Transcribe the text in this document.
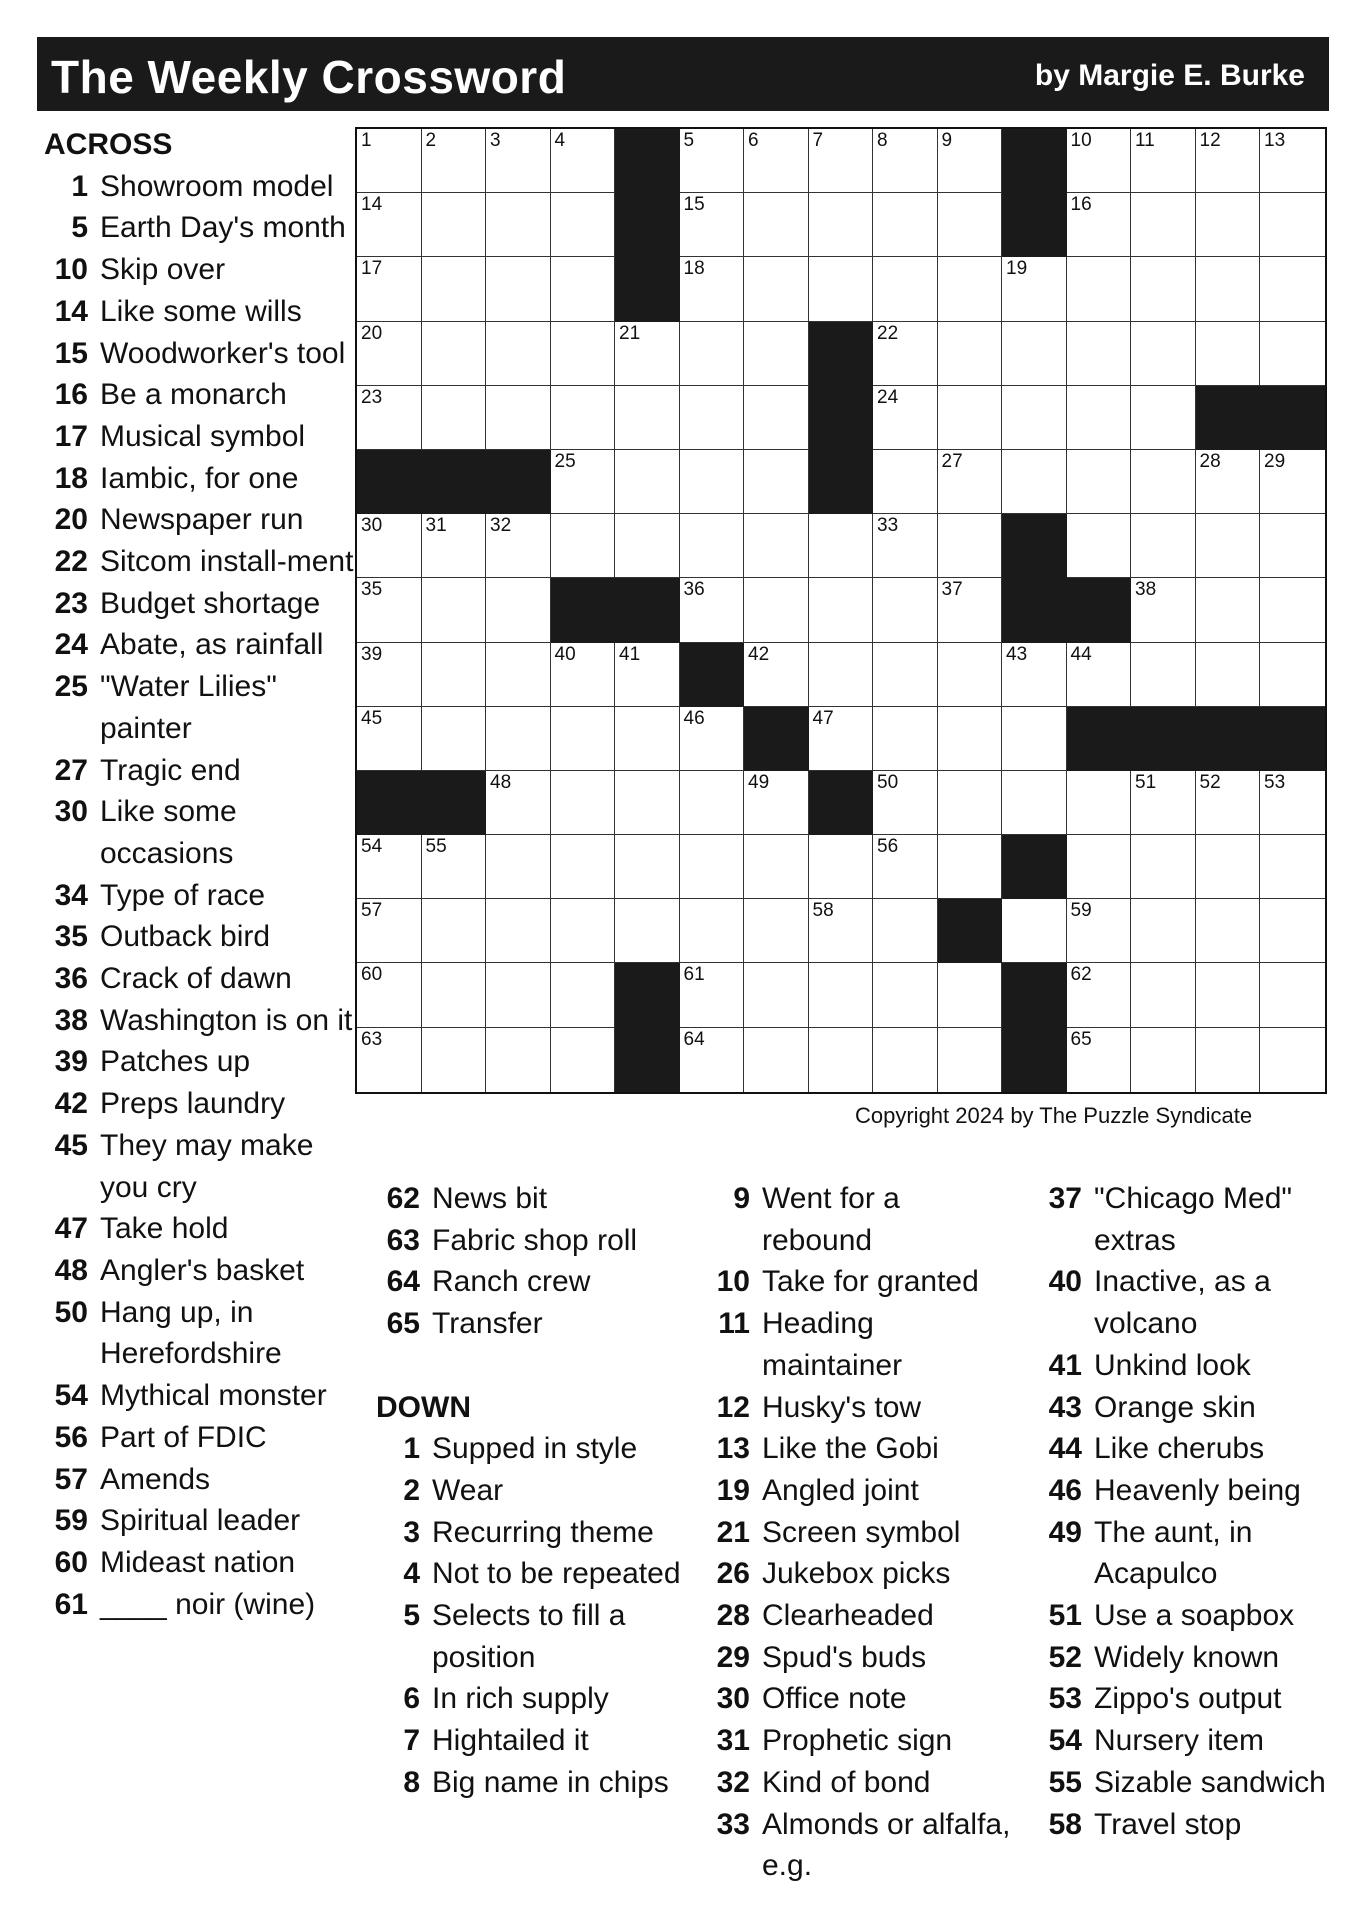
The Weekly Crossword	by Margie E. Burke
1	2	3	4	5	6	7	8	9	10 11 12 13
14	15	16
17	18	19
20	21	22
23	24
25	27	28 29
30 31 32	33
35	36	37	38
39	40 41	42	43 44
45	46	47
48	49	50	51 52 53
54 55	56
57	58	59
60	61	62
63	64	65
Copyright 2024 by The Puzzle Syndicate
ACROSS
1 Showroom model
5 Earth Day's month
10 Skip over
14 Like some wills
15 Woodworker's tool
16 Be a monarch
17 Musical symbol
18 Iambic, for one
20 Newspaper run
22 Sitcom install-ment
23 Budget shortage
24 Abate, as rainfall
25 "Water Lilies" painter
27 Tragic end
30 Like some occasions
34 Type of race
35 Outback bird
36 Crack of dawn
38 Washington is on it
39 Patches up
42 Preps laundry
45 They may make you cry
47 Take hold
48 Angler's basket
50 Hang up, in Herefordshire
54 Mythical monster
56 Part of FDIC
57 Amends
59 Spiritual leader
60 Mideast nation
61 ____ noir (wine)
62 News bit
63 Fabric shop roll
64 Ranch crew
65 Transfer
DOWN
1 Supped in style
2 Wear
3 Recurring theme
4 Not to be repeated
5 Selects to fill a position
6 In rich supply
7 Hightailed it
8 Big name in chips
9 Went for a rebound
10 Take for granted
11 Heading maintainer
12 Husky's tow
13 Like the Gobi
19 Angled joint
21 Screen symbol
26 Jukebox picks
28 Clearheaded
29 Spud's buds
30 Office note
31 Prophetic sign
32 Kind of bond
33 Almonds or alfalfa, e.g.
37 "Chicago Med" extras
40 Inactive, as a volcano
41 Unkind look
43 Orange skin
44 Like cherubs
46 Heavenly being
49 The aunt, in Acapulco
51 Use a soapbox
52 Widely known
53 Zippo's output
54 Nursery item
55 Sizable sandwich
58 Travel stop
